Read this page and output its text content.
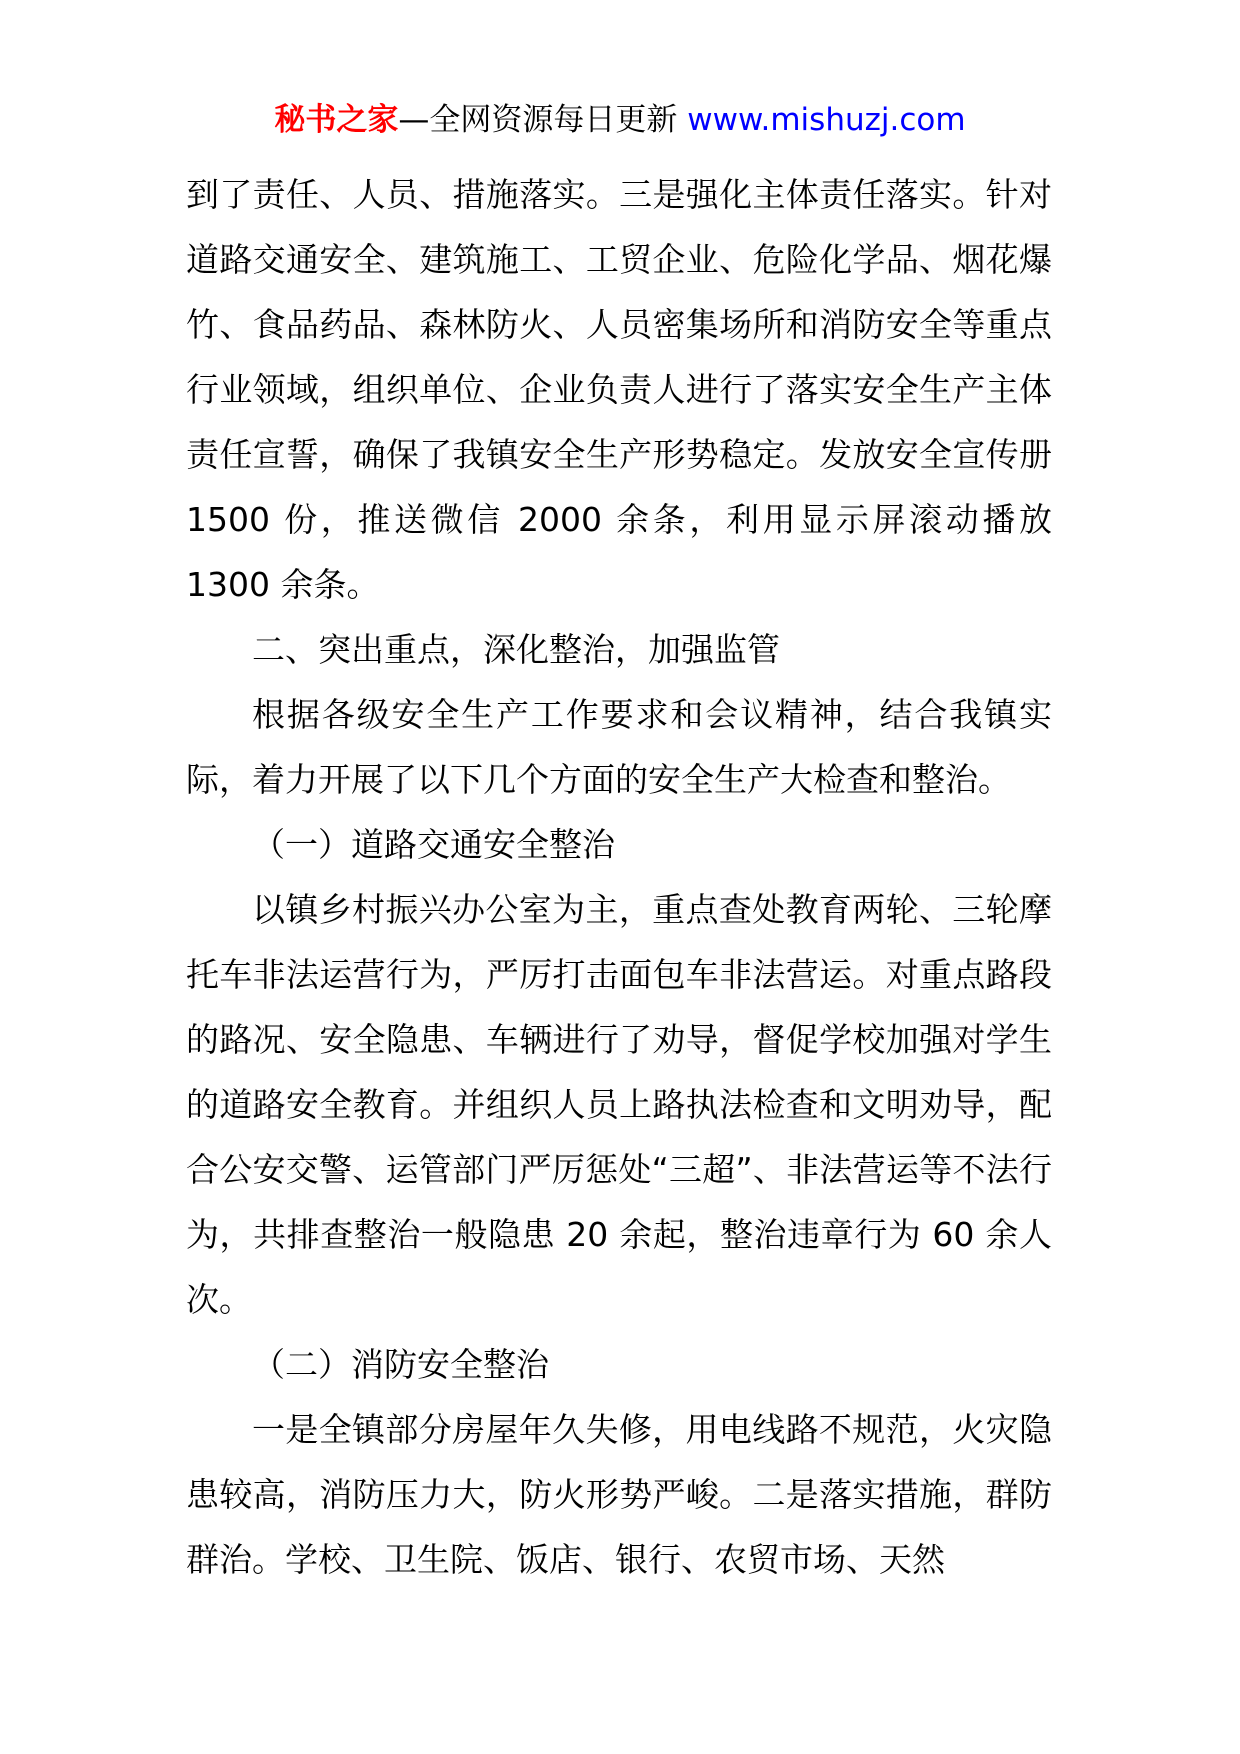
秘书之家—全网资源每日更新 www.mishuzj.com

到了责任、人员、措施落实。三是强化主体责任落实。针对道路交通安全、建筑施工、工贸企业、危险化学品、烟花爆竹、食品药品、森林防火、人员密集场所和消防安全等重点行业领域，组织单位、企业负责人进行了落实安全生产主体责任宣誓，确保了我镇安全生产形势稳定。发放安全宣传册 1500 份，推送微信 2000 余条，利用显示屏滚动播放 1300 余条。

二、突出重点，深化整治，加强监管

根据各级安全生产工作要求和会议精神，结合我镇实际，着力开展了以下几个方面的安全生产大检查和整治。

（一）道路交通安全整治

以镇乡村振兴办公室为主，重点查处教育两轮、三轮摩托车非法运营行为，严厉打击面包车非法营运。对重点路段的路况、安全隐患、车辆进行了劝导，督促学校加强对学生的道路安全教育。并组织人员上路执法检查和文明劝导，配合公安交警、运管部门严厉惩处“三超”、非法营运等不法行为，共排查整治一般隐患 20 余起，整治违章行为 60 余人次。

（二）消防安全整治

一是全镇部分房屋年久失修，用电线路不规范，火灾隐患较高，消防压力大，防火形势严峻。二是落实措施，群防群治。学校、卫生院、饭店、银行、农贸市场、天然
